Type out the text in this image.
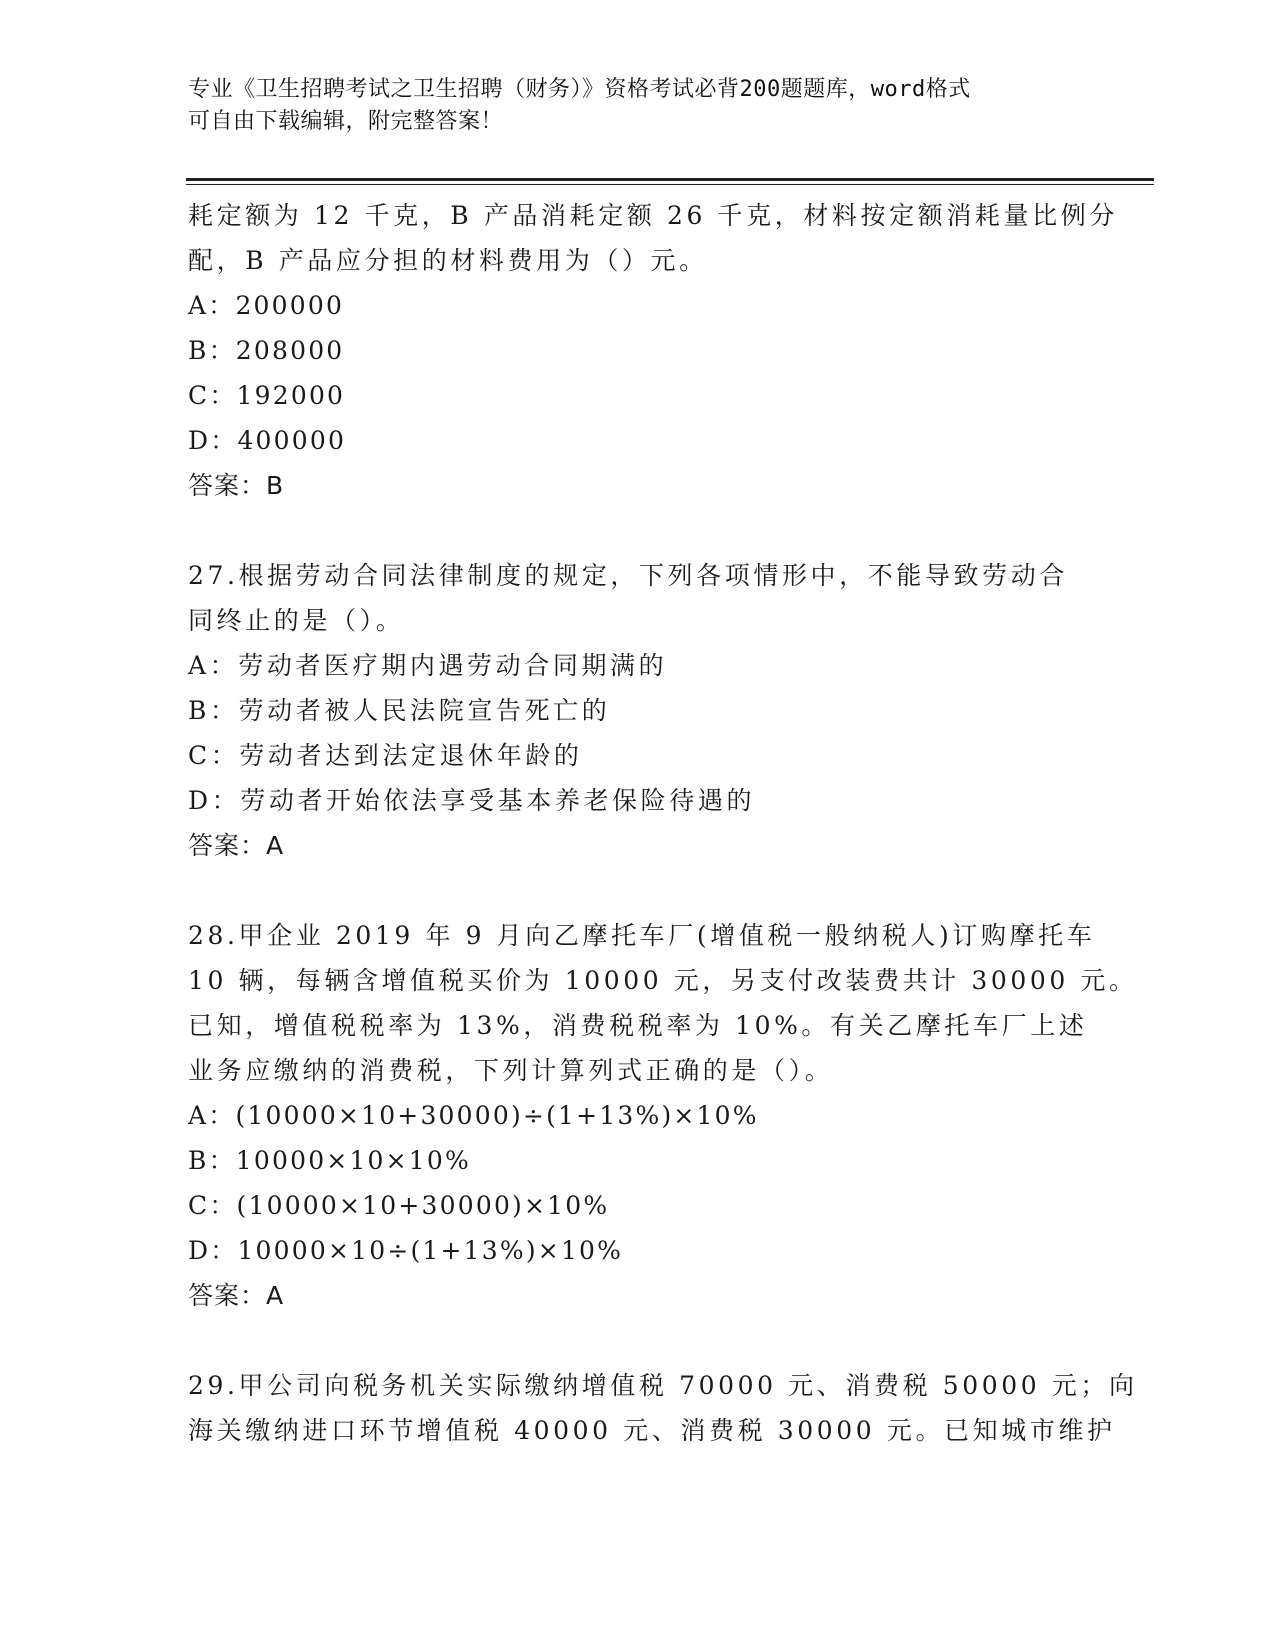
专业《卫生招聘考试之卫生招聘（财务）》资格考试必背200题题库，word格式
可自由下载编辑，附完整答案！
耗定额为 12 千克，B 产品消耗定额 26 千克，材料按定额消耗量比例分
配，B 产品应分担的材料费用为（）元。
A：200000
B：208000
C：192000
D：400000
答案：B
27.根据劳动合同法律制度的规定，下列各项情形中，不能导致劳动合
同终止的是（）。
A：劳动者医疗期内遇劳动合同期满的
B：劳动者被人民法院宣告死亡的
C：劳动者达到法定退休年龄的
D：劳动者开始依法享受基本养老保险待遇的
答案：A
28.甲企业 2019 年 9 月向乙摩托车厂(增值税一般纳税人)订购摩托车
10 辆，每辆含增值税买价为 10000 元，另支付改装费共计 30000 元。
已知，增值税税率为 13%，消费税税率为 10%。有关乙摩托车厂上述
业务应缴纳的消费税，下列计算列式正确的是（）。
A：(10000×10+30000)÷(1+13%)×10%
B：10000×10×10%
C：(10000×10+30000)×10%
D：10000×10÷(1+13%)×10%
答案：A
29.甲公司向税务机关实际缴纳增值税 70000 元、消费税 50000 元；向
海关缴纳进口环节增值税 40000 元、消费税 30000 元。已知城市维护
